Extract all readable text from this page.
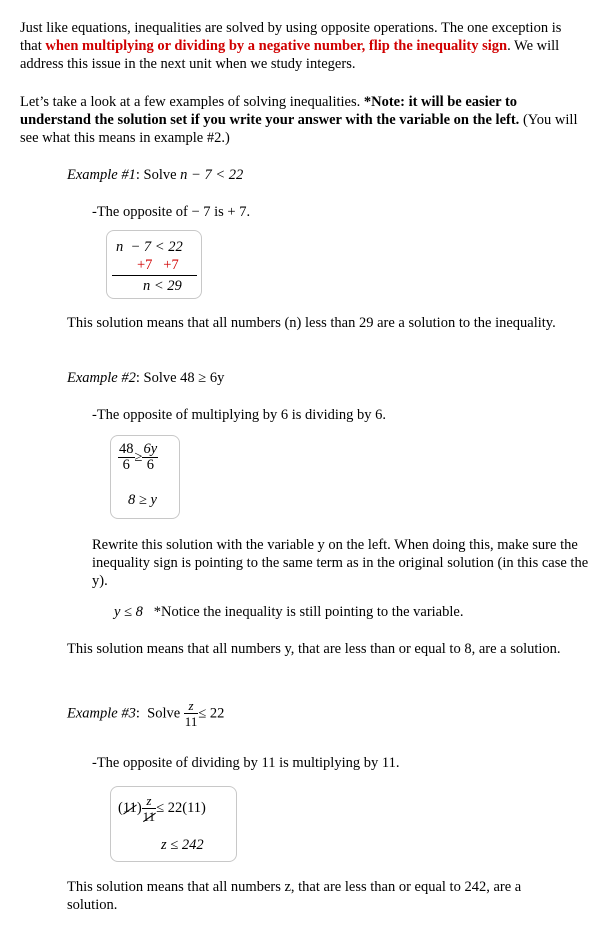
Just like equations, inequalities are solved by using opposite operations. The one exception is that when multiplying or dividing by a negative number, flip the inequality sign. We will address this issue in the next unit when we study integers.

Let’s take a look at a few examples of solving inequalities. *Note: it will be easier to understand the solution set if you write your answer with the variable on the left. (You will see what this means in example #2.)

Example #1: Solve n − 7 < 22

-The opposite of − 7 is + 7.

n  − 7 < 22
+7   +7
n < 29

This solution means that all numbers (n) less than 29 are a solution to the inequality.

Example #2: Solve 48 ≥ 6y

-The opposite of multiplying by 6 is dividing by 6.

$\frac{48}{6} \ge \frac{6y}{6}$
8 ≥ y

Rewrite this solution with the variable y on the left. When doing this, make sure the inequality sign is pointing to the same term as in the original solution (in this case the y).

y ≤ 8 *Notice the inequality is still pointing to the variable.

This solution means that all numbers y, that are less than or equal to 8, are a solution.

Example #3:  Solve $\frac{z}{11} \le 22$

-The opposite of dividing by 11 is multiplying by 11.

$(11) \frac{z}{11} \le 22(11)$
z ≤ 242

This solution means that all numbers z, that are less than or equal to 242, are a solution.
